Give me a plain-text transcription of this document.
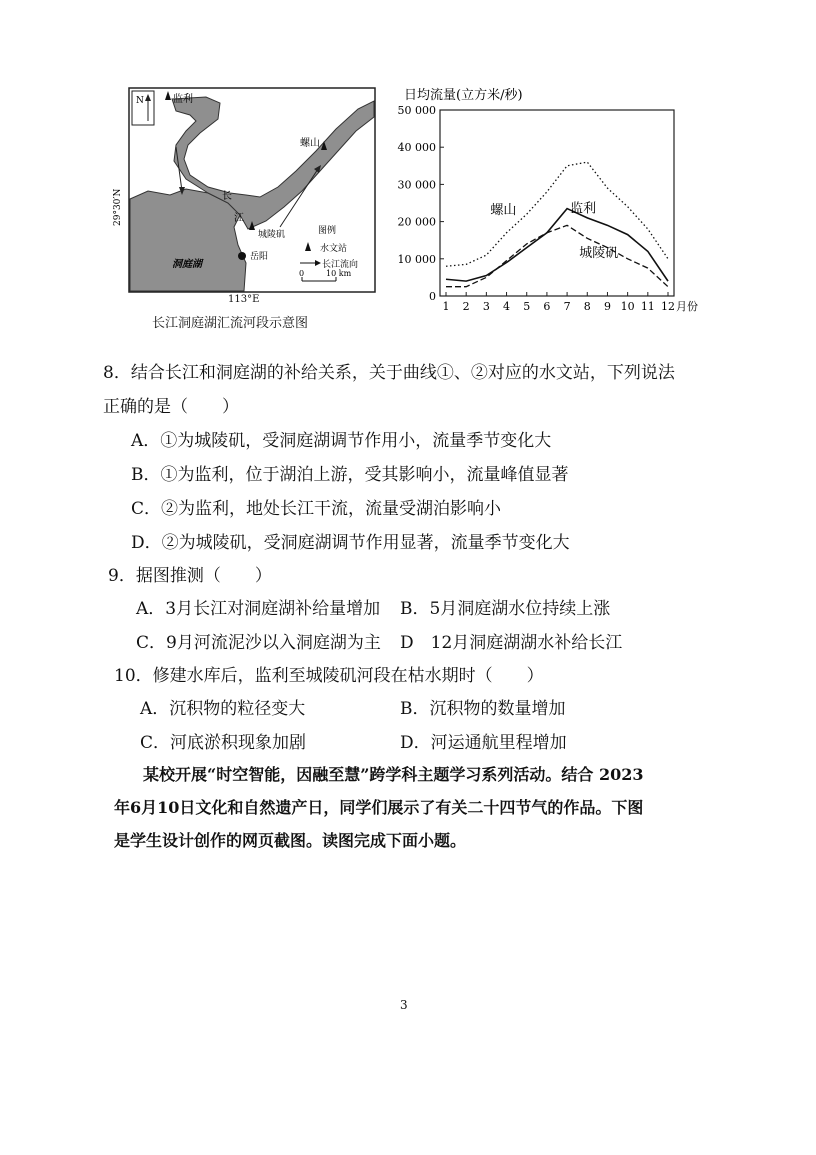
N	监利
螺山
长
江
城陵矶
岳阳
洞庭湖
图例
水文站
长江流向
0	10 km
29°30′N
113°E
长江洞庭湖汇流河段示意图
日均流量(立方米/秒)
0
10 000
20 000
30 000
40 000
50 000
1 2 3 4 5 6 7 8 9 10 11 12 月份
螺山	监利
城陵矶
8．结合长江和洞庭湖的补给关系，关于曲线①、②对应的水文站，下列说法
正确的是（　　）
A．①为城陵矶，受洞庭湖调节作用小，流量季节变化大
B．①为监利，位于湖泊上游，受其影响小，流量峰值显著
C．②为监利，地处长江干流，流量受湖泊影响小
D．②为城陵矶，受洞庭湖调节作用显著，流量季节变化大
9．据图推测（　　）
A．3月长江对洞庭湖补给量增加 B．5月洞庭湖水位持续上涨
C．9月河流泥沙以入洞庭湖为主 D　12月洞庭湖湖水补给长江
10．修建水库后，监利至城陵矶河段在枯水期时（　　）
A．沉积物的粒径变大	B．沉积物的数量增加
C．河底淤积现象加剧	D．河运通航里程增加
某校开展“时空智能，因融至慧”跨学科主题学习系列活动。结合 2023
年6月10日文化和自然遗产日，同学们展示了有关二十四节气的作品。下图
是学生设计创作的网页截图。读图完成下面小题。
3
